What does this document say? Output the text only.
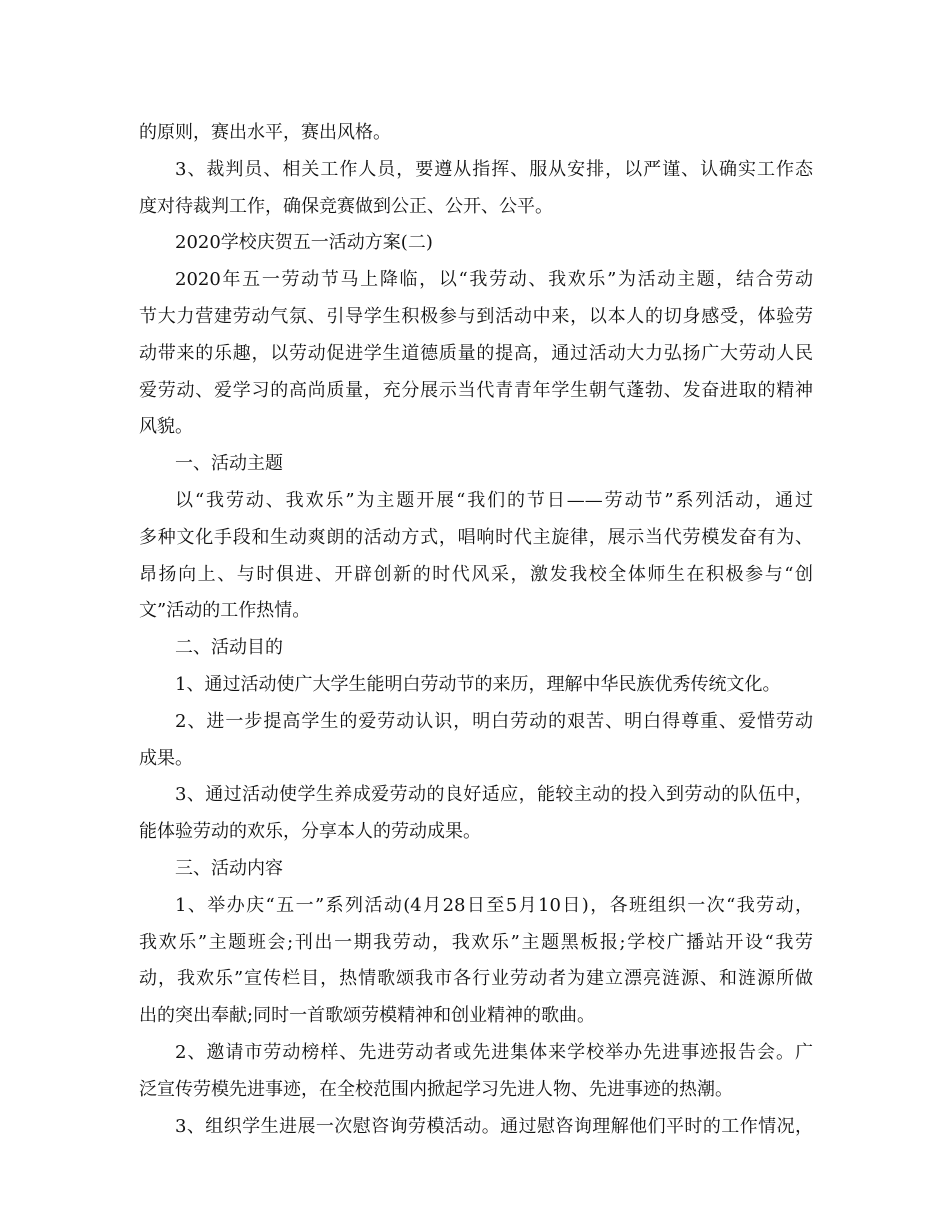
的原则，赛出水平，赛出风格。
3、裁判员、相关工作人员，要遵从指挥、服从安排，以严谨、认确实工作态
度对待裁判工作，确保竞赛做到公正、公开、公平。
2020学校庆贺五一活动方案(二)
2020年五一劳动节马上降临，以“我劳动、我欢乐”为活动主题，结合劳动
节大力营建劳动气氛、引导学生积极参与到活动中来，以本人的切身感受，体验劳
动带来的乐趣，以劳动促进学生道德质量的提高，通过活动大力弘扬广大劳动人民
爱劳动、爱学习的高尚质量，充分展示当代青青年学生朝气蓬勃、发奋进取的精神
风貌。
一、活动主题
以“我劳动、我欢乐”为主题开展“我们的节日——劳动节”系列活动，通过
多种文化手段和生动爽朗的活动方式，唱响时代主旋律，展示当代劳模发奋有为、
昂扬向上、与时俱进、开辟创新的时代风采，激发我校全体师生在积极参与“创
文”活动的工作热情。
二、活动目的
1、通过活动使广大学生能明白劳动节的来历，理解中华民族优秀传统文化。
2、进一步提高学生的爱劳动认识，明白劳动的艰苦、明白得尊重、爱惜劳动
成果。
3、通过活动使学生养成爱劳动的良好适应，能较主动的投入到劳动的队伍中，
能体验劳动的欢乐，分享本人的劳动成果。
三、活动内容
1、举办庆“五一”系列活动(4月28日至5月10日)，各班组织一次“我劳动，
我欢乐”主题班会;刊出一期我劳动，我欢乐”主题黑板报;学校广播站开设“我劳
动，我欢乐”宣传栏目，热情歌颂我市各行业劳动者为建立漂亮涟源、和涟源所做
出的突出奉献;同时一首歌颂劳模精神和创业精神的歌曲。
2、邀请市劳动榜样、先进劳动者或先进集体来学校举办先进事迹报告会。广
泛宣传劳模先进事迹，在全校范围内掀起学习先进人物、先进事迹的热潮。
3、组织学生进展一次慰咨询劳模活动。通过慰咨询理解他们平时的工作情况，
